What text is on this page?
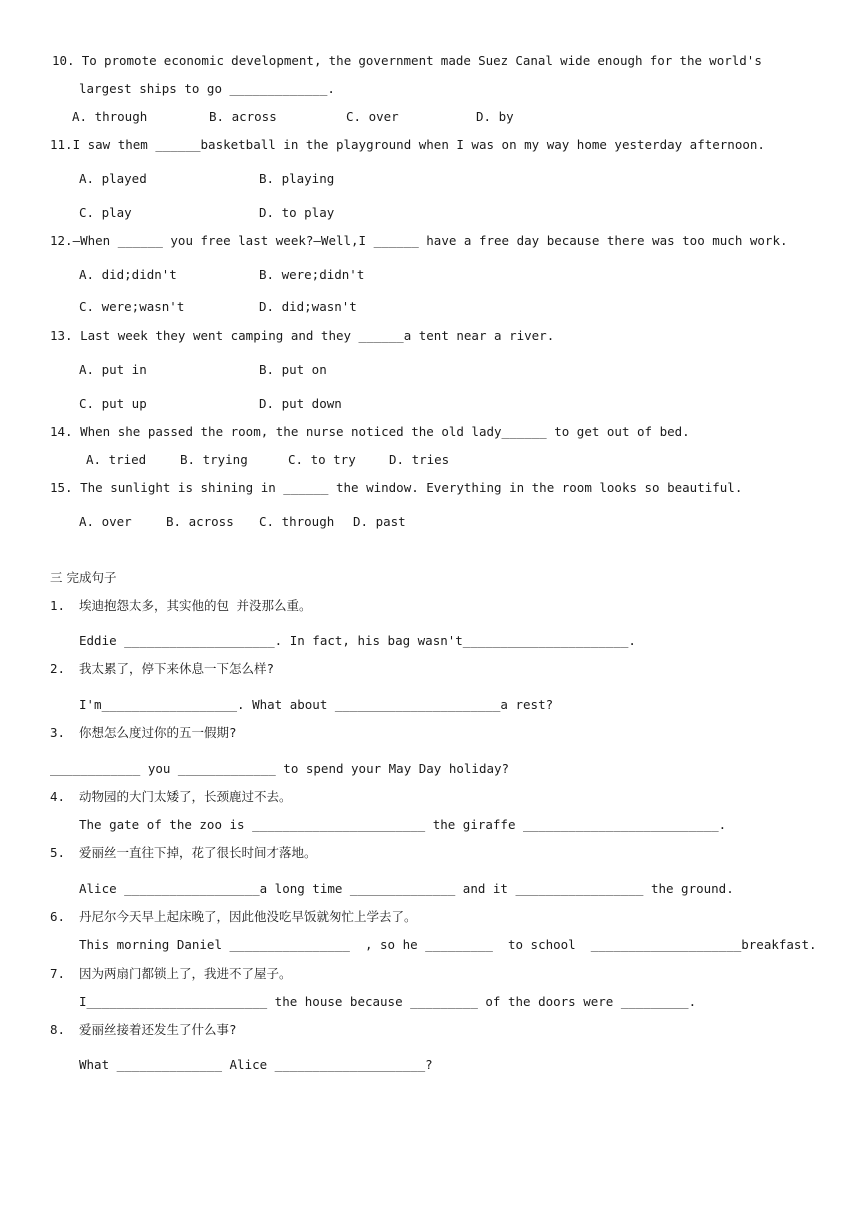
10. To promote economic development, the government made Suez Canal wide enough for the world's
largest ships to go _____________.
A. through	B. across	C. over	D. by
11.I saw them ______basketball in the playground when I was on my way home yesterday afternoon.
A. played	B. playing
C. play	D. to play
12.—When ______ you free last week?—Well,I ______ have a free day because there was too much work.
A. did;didn't	B. were;didn't
C. were;wasn't	D. did;wasn't
13. Last week they went camping and they ______a tent near a river.
A. put in	B. put on
C. put up	D. put down
14. When she passed the room, the nurse noticed the old lady______ to get out of bed.
A. tried	B. trying	C. to try	D. tries
15. The sunlight is shining in ______ the window. Everything in the room looks so beautiful.
A. over	B. across C. through D. past
三 完成句子
1. 埃迪抱怨太多，其实他的包 并没那么重。
Eddie ____________________. In fact, his bag wasn't______________________.
2. 我太累了，停下来休息一下怎么样?
I'm__________________. What about ______________________a rest?
3. 你想怎么度过你的五一假期?
____________ you _____________ to spend your May Day holiday?
4. 动物园的大门太矮了，长颈鹿过不去。
The gate of the zoo is _______________________ the giraffe __________________________.
5. 爱丽丝一直往下掉，花了很长时间才落地。
Alice __________________a long time ______________ and it _________________ the ground.
6. 丹尼尔今天早上起床晚了，因此他没吃早饭就匆忙上学去了。
This morning Daniel ________________  , so he _________  to school  ____________________breakfast.
7. 因为两扇门都锁上了，我进不了屋子。
I________________________ the house because _________ of the doors were _________.
8. 爱丽丝接着还发生了什么事?
What ______________ Alice ____________________?
